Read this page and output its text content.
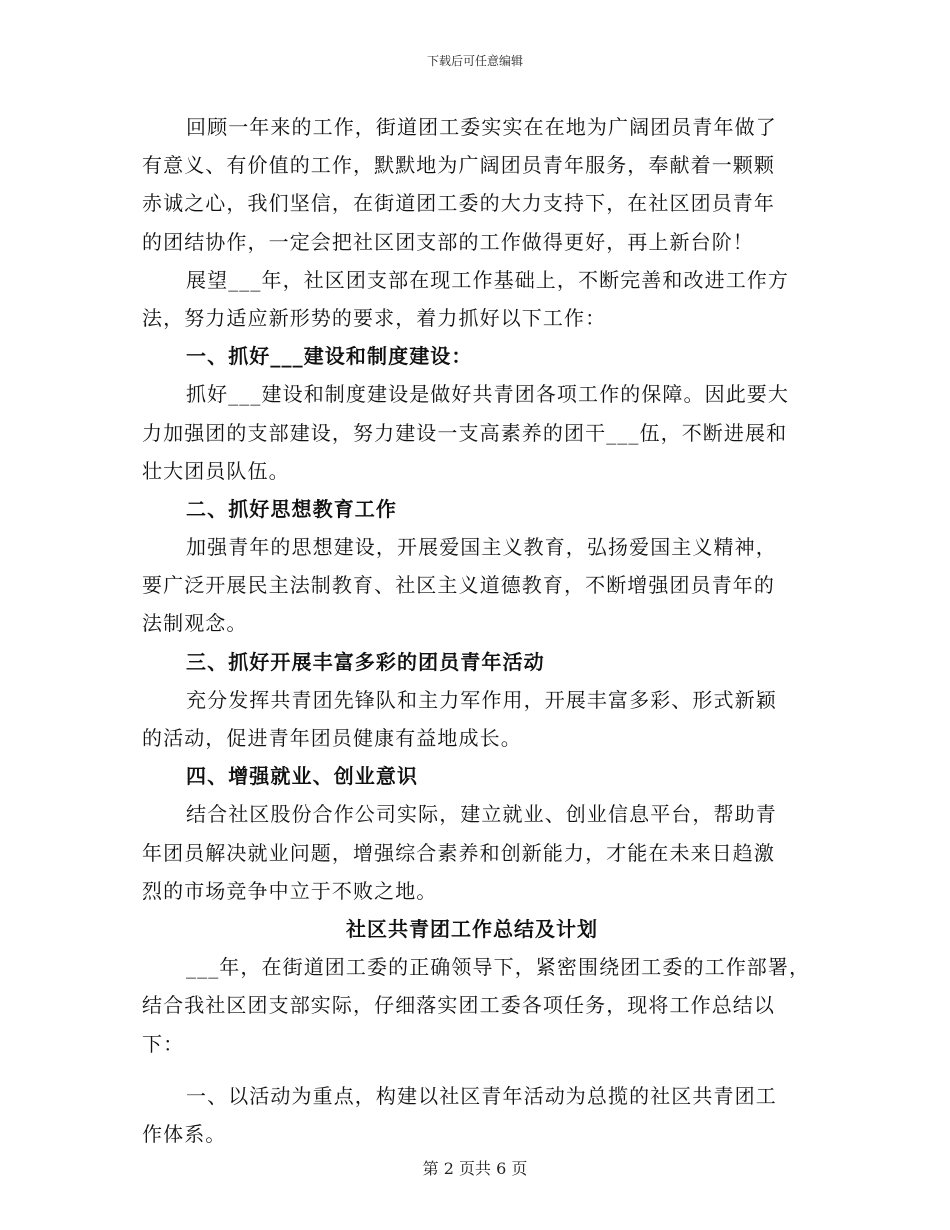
下载后可任意编辑
回顾一年来的工作，街道团工委实实在在地为广阔团员青年做了
有意义、有价值的工作，默默地为广阔团员青年服务，奉献着一颗颗
赤诚之心，我们坚信，在街道团工委的大力支持下，在社区团员青年
的团结协作，一定会把社区团支部的工作做得更好，再上新台阶！
展望___年，社区团支部在现工作基础上，不断完善和改进工作方
法，努力适应新形势的要求，着力抓好以下工作：
一、抓好___建设和制度建设：
抓好___建设和制度建设是做好共青团各项工作的保障。因此要大
力加强团的支部建设，努力建设一支高素养的团干___伍，不断进展和
壮大团员队伍。
二、抓好思想教育工作
加强青年的思想建设，开展爱国主义教育，弘扬爱国主义精神，
要广泛开展民主法制教育、社区主义道德教育，不断增强团员青年的
法制观念。
三、抓好开展丰富多彩的团员青年活动
充分发挥共青团先锋队和主力军作用，开展丰富多彩、形式新颖
的活动，促进青年团员健康有益地成长。
四、增强就业、创业意识
结合社区股份合作公司实际，建立就业、创业信息平台，帮助青
年团员解决就业问题，增强综合素养和创新能力，才能在未来日趋激
烈的市场竞争中立于不败之地。
社区共青团工作总结及计划
___年，在街道团工委的正确领导下，紧密围绕团工委的工作部署，
结合我社区团支部实际，仔细落实团工委各项任务，现将工作总结以
下：
一、以活动为重点，构建以社区青年活动为总揽的社区共青团工
作体系。
第 2 页共 6 页
